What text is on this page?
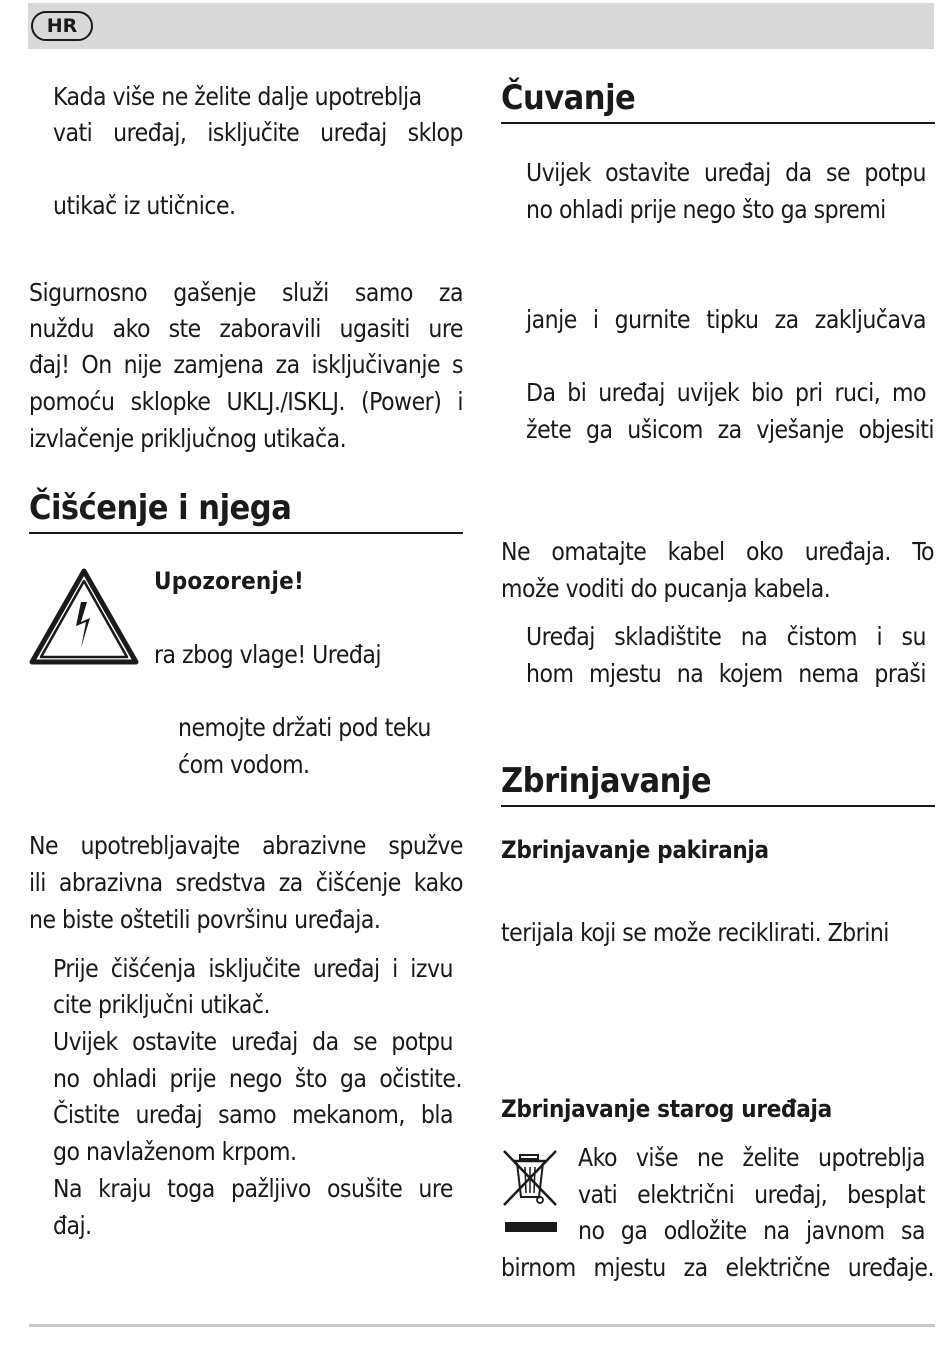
HR
Kada više ne želite dalje upotreblja
vati uređaj, isključite uređaj sklop
utikač iz utičnice.
Sigurnosno gašenje služi samo za
nuždu ako ste zaboravili ugasiti ure
đaj! On nije zamjena za isključivanje s
pomoću sklopke UKLJ./ISKLJ. (Power) i
izvlačenje priključnog utikača.
Čišćenje i njega
Upozorenje!
ra zbog vlage! Uređaj
nemojte držati pod teku
ćom vodom.
Ne upotrebljavajte abrazivne spužve
ili abrazivna sredstva za čišćenje kako
ne biste oštetili površinu uređaja.
Prije čišćenja isključite uređaj i izvu
cite priključni utikač.
Uvijek ostavite uređaj da se potpu
no ohladi prije nego što ga očistite.
Čistite uređaj samo mekanom, bla
go navlaženom krpom.
Na kraju toga pažljivo osušite ure
đaj.
Čuvanje
Uvijek ostavite uređaj da se potpu
no ohladi prije nego što ga spremi
janje i gurnite tipku za zaključava
Da bi uređaj uvijek bio pri ruci, mo
žete ga ušicom za vješanje objesiti
Ne omatajte kabel oko uređaja. To
može voditi do pucanja kabela.
Uređaj skladištite na čistom i su
hom mjestu na kojem nema praši
Zbrinjavanje
Zbrinjavanje pakiranja
terijala koji se može reciklirati. Zbrini
Zbrinjavanje starog uređaja
Ako više ne želite upotreblja
vati električni uređaj, besplat
no ga odložite na javnom sa
birnom mjestu za električne uređaje.
